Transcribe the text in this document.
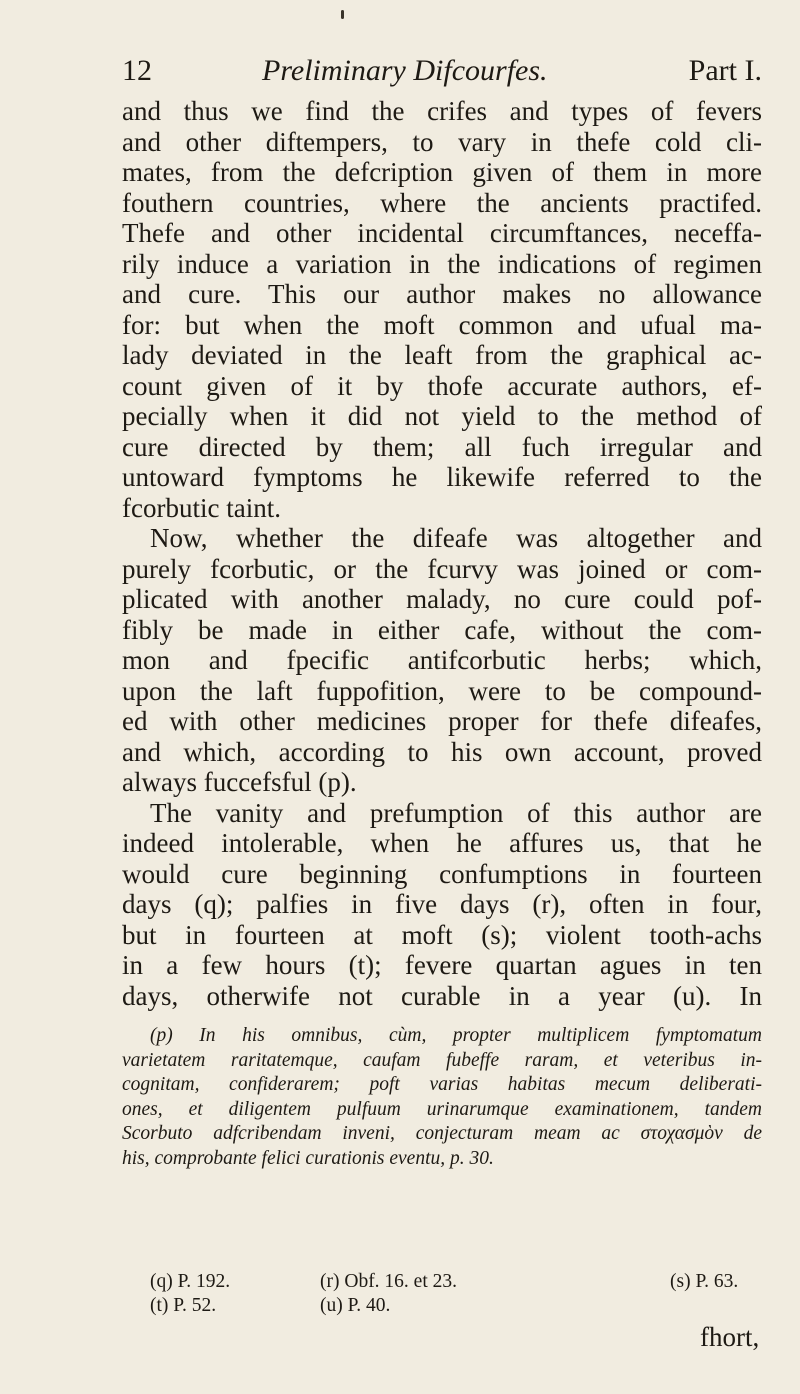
12	Preliminary Difcourfes.	Part I.
and thus we find the crifes and types of fevers
and other diftempers, to vary in thefe cold cli-
mates, from the defcription given of them in more
fouthern countries, where the ancients practifed.
Thefe and other incidental circumftances, neceffa-
rily induce a variation in the indications of regimen
and cure. This our author makes no allowance
for: but when the moft common and ufual ma-
lady deviated in the leaft from the graphical ac-
count given of it by thofe accurate authors, ef-
pecially when it did not yield to the method of
cure directed by them; all fuch irregular and
untoward fymptoms he likewife referred to the
fcorbutic taint.
Now, whether the difeafe was altogether and
purely fcorbutic, or the fcurvy was joined or com-
plicated with another malady, no cure could pof-
fibly be made in either cafe, without the com-
mon and fpecific antifcorbutic herbs; which,
upon the laft fuppofition, were to be compound-
ed with other medicines proper for thefe difeafes,
and which, according to his own account, proved
always fuccefsful (p).
The vanity and prefumption of this author are
indeed intolerable, when he affures us, that he
would cure beginning confumptions in fourteen
days (q); palfies in five days (r), often in four,
but in fourteen at moft (s); violent tooth-achs
in a few hours (t); fevere quartan agues in ten
days, otherwife not curable in a year (u). In
(p) In his omnibus, cùm, propter multiplicem fymptomatum
varietatem raritatemque, caufam fubeffe raram, et veteribus in-
cognitam, confiderarem; poft varias habitas mecum deliberati-
ones, et diligentem pulfuum urinarumque examinationem, tandem
Scorbuto adfcribendam inveni, conjecturam meam ac στοχασμὸν de
his, comprobante felici curationis eventu, p. 30.
(q) P. 192.	(r) Obf. 16. et 23.	(s) P. 63.
(t) P. 52.	(u) P. 40.
fhort,
